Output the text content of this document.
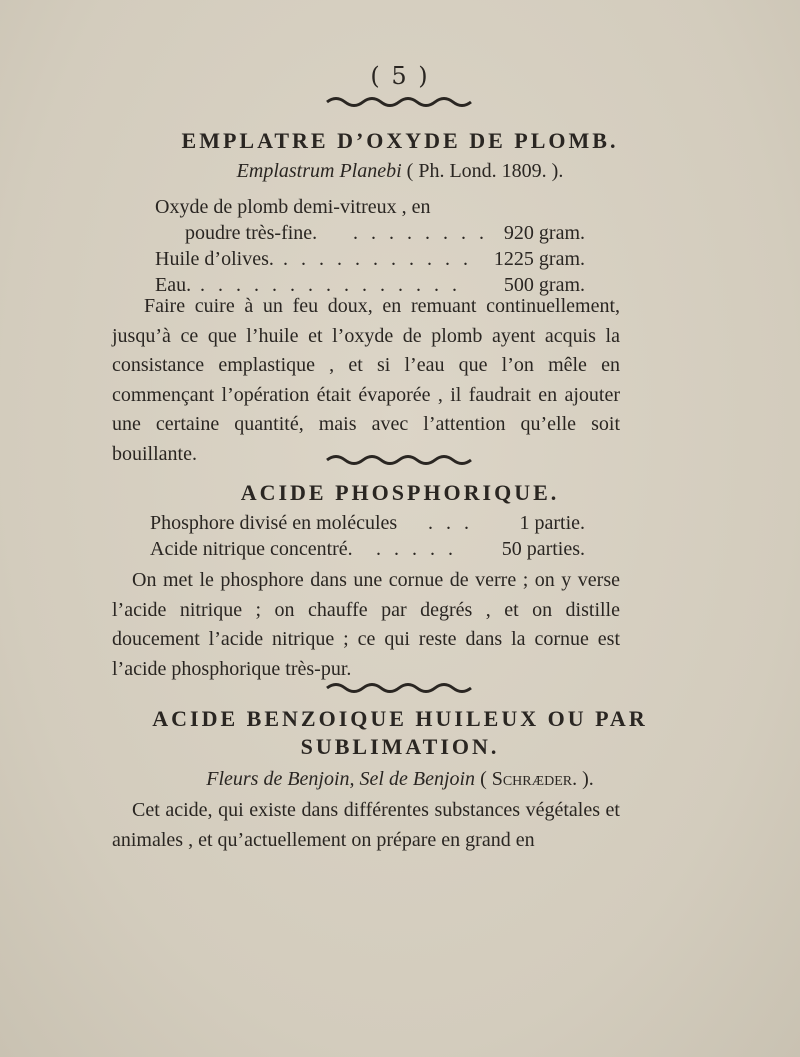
( 5 )
EMPLATRE D’OXYDE DE PLOMB.
Emplastrum Planebi ( Ph. Lond. 1809. ).
Oxyde de plomb demi-vitreux , en
poudre très-fine. . . . . . . . . 920 gram.
Huile d’olives. . . . . . . . . . . .	1225 gram.
Eau. . . . . . . . . . . . . . . .	500 gram.

Faire cuire à un feu doux, en remuant continuellement, jusqu’à ce que l’huile et l’oxyde de plomb ayent acquis la consistance emplastique , et si l’eau que l’on mêle en commençant l’opération était évaporée , il faudrait en ajouter une certaine quantité, mais avec l’attention qu’elle soit bouillante.

ACIDE PHOSPHORIQUE.
Phosphore divisé en molécules . . .	1 partie.
Acide nitrique concentré. . . . . .	50 parties.

On met le phosphore dans une cornue de verre ; on y verse l’acide nitrique ; on chauffe par degrés , et on distille doucement l’acide nitrique ; ce qui reste dans la cornue est l’acide phosphorique très-pur.

ACIDE BENZOIQUE HUILEUX OU PAR
SUBLIMATION.
Fleurs de Benjoin, Sel de Benjoin ( Schræder. ).

Cet acide, qui existe dans différentes substances végétales et animales , et qu’actuellement on prépare en grand en
